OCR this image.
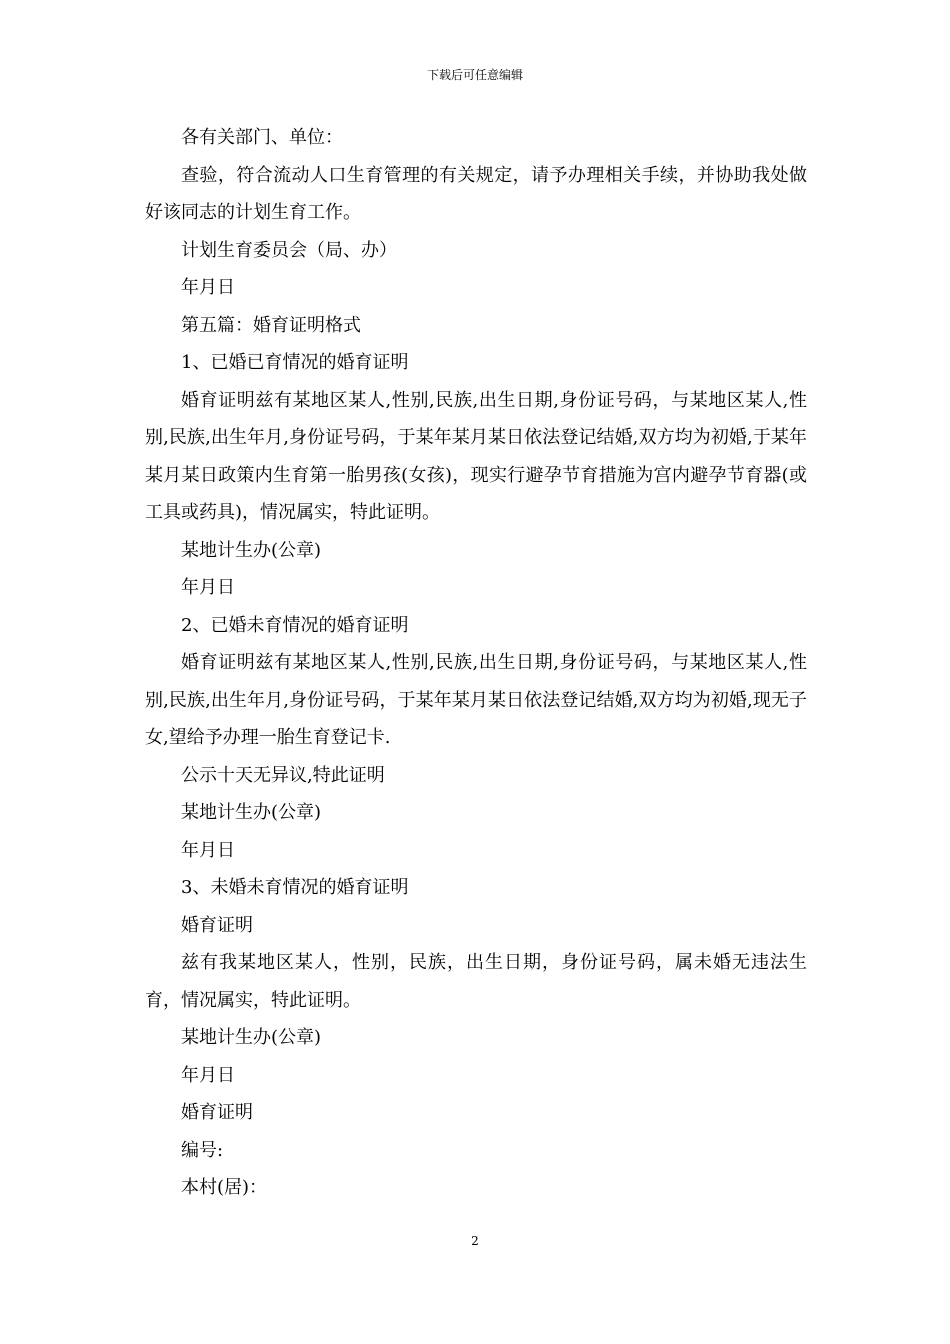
下载后可任意编辑

各有关部门、单位：

查验，符合流动人口生育管理的有关规定，请予办理相关手续，并协助我处做好该同志的计划生育工作。

计划生育委员会（局、办）

年月日

第五篇：婚育证明格式

1、已婚已育情况的婚育证明

婚育证明兹有某地区某人,性别,民族,出生日期,身份证号码，与某地区某人,性别,民族,出生年月,身份证号码，于某年某月某日依法登记结婚,双方均为初婚,于某年某月某日政策内生育第一胎男孩(女孩)，现实行避孕节育措施为宫内避孕节育器(或工具或药具)，情况属实，特此证明。

某地计生办(公章)

年月日

2、已婚未育情况的婚育证明

婚育证明兹有某地区某人,性别,民族,出生日期,身份证号码，与某地区某人,性别,民族,出生年月,身份证号码，于某年某月某日依法登记结婚,双方均为初婚,现无子女,望给予办理一胎生育登记卡.

公示十天无异议,特此证明

某地计生办(公章)

年月日

3、未婚未育情况的婚育证明

婚育证明

兹有我某地区某人，性别，民族，出生日期，身份证号码，属未婚无违法生育，情况属实，特此证明。

某地计生办(公章)

年月日

婚育证明

编号:

本村(居)：

2
